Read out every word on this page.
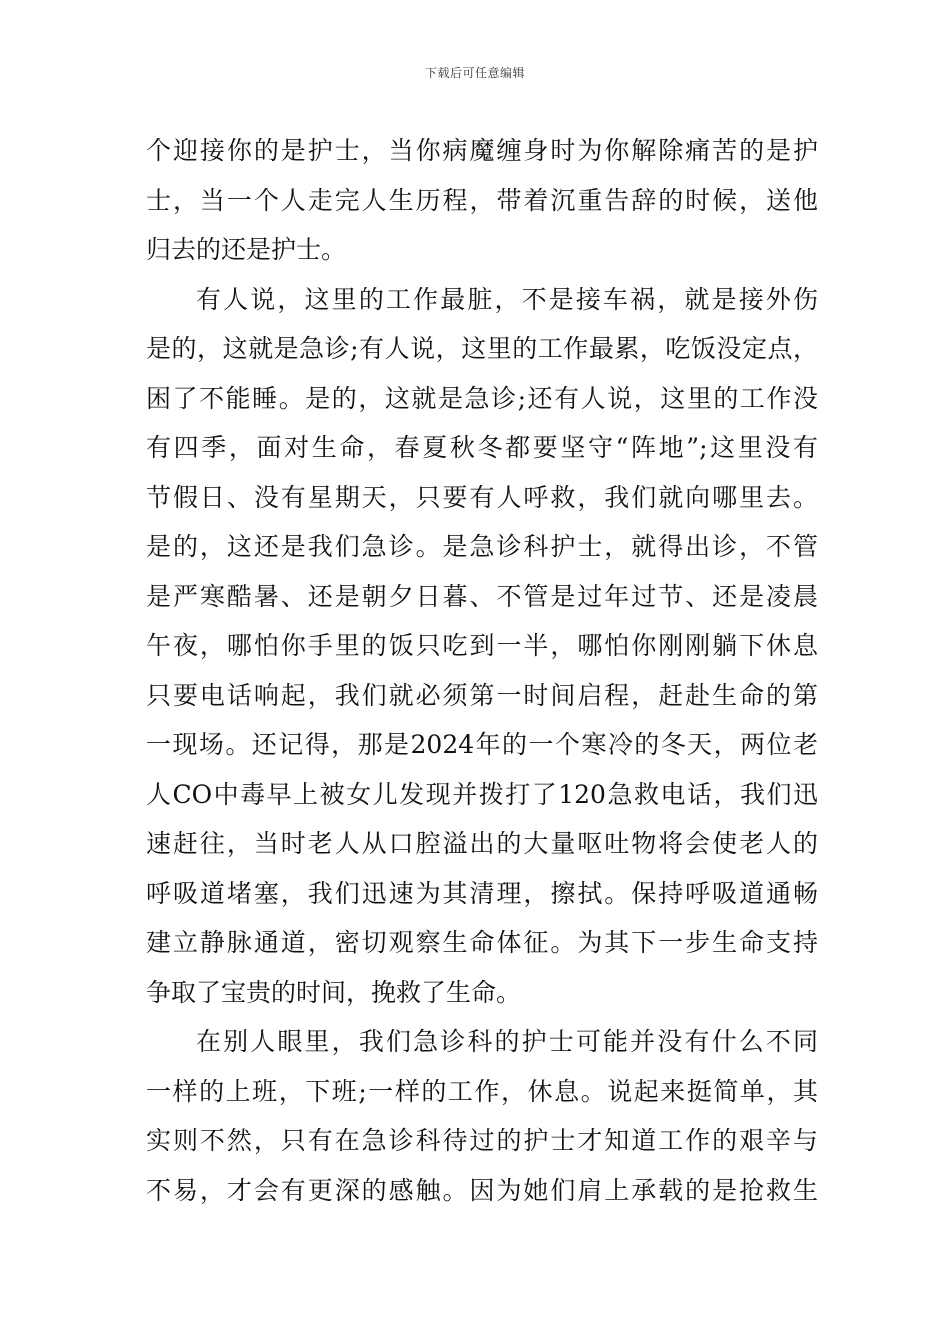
下载后可任意编辑
个迎接你的是护士，当你病魔缠身时为你解除痛苦的是护
士，当一个人走完人生历程，带着沉重告辞的时候，送他
归去的还是护士。
有人说，这里的工作最脏，不是接车祸，就是接外伤
是的，这就是急诊;有人说，这里的工作最累，吃饭没定点，
困了不能睡。是的，这就是急诊;还有人说，这里的工作没
有四季，面对生命，春夏秋冬都要坚守“阵地”;这里没有
节假日、没有星期天，只要有人呼救，我们就向哪里去。
是的，这还是我们急诊。是急诊科护士，就得出诊，不管
是严寒酷暑、还是朝夕日暮、不管是过年过节、还是凌晨
午夜，哪怕你手里的饭只吃到一半，哪怕你刚刚躺下休息
只要电话响起，我们就必须第一时间启程，赶赴生命的第
一现场。还记得，那是2024年的一个寒冷的冬天，两位老
人CO中毒早上被女儿发现并拨打了120急救电话，我们迅
速赶往，当时老人从口腔溢出的大量呕吐物将会使老人的
呼吸道堵塞，我们迅速为其清理，擦拭。保持呼吸道通畅
建立静脉通道，密切观察生命体征。为其下一步生命支持
争取了宝贵的时间，挽救了生命。
在别人眼里，我们急诊科的护士可能并没有什么不同
一样的上班，下班;一样的工作，休息。说起来挺简单，其
实则不然，只有在急诊科待过的护士才知道工作的艰辛与
不易，才会有更深的感触。因为她们肩上承载的是抢救生
